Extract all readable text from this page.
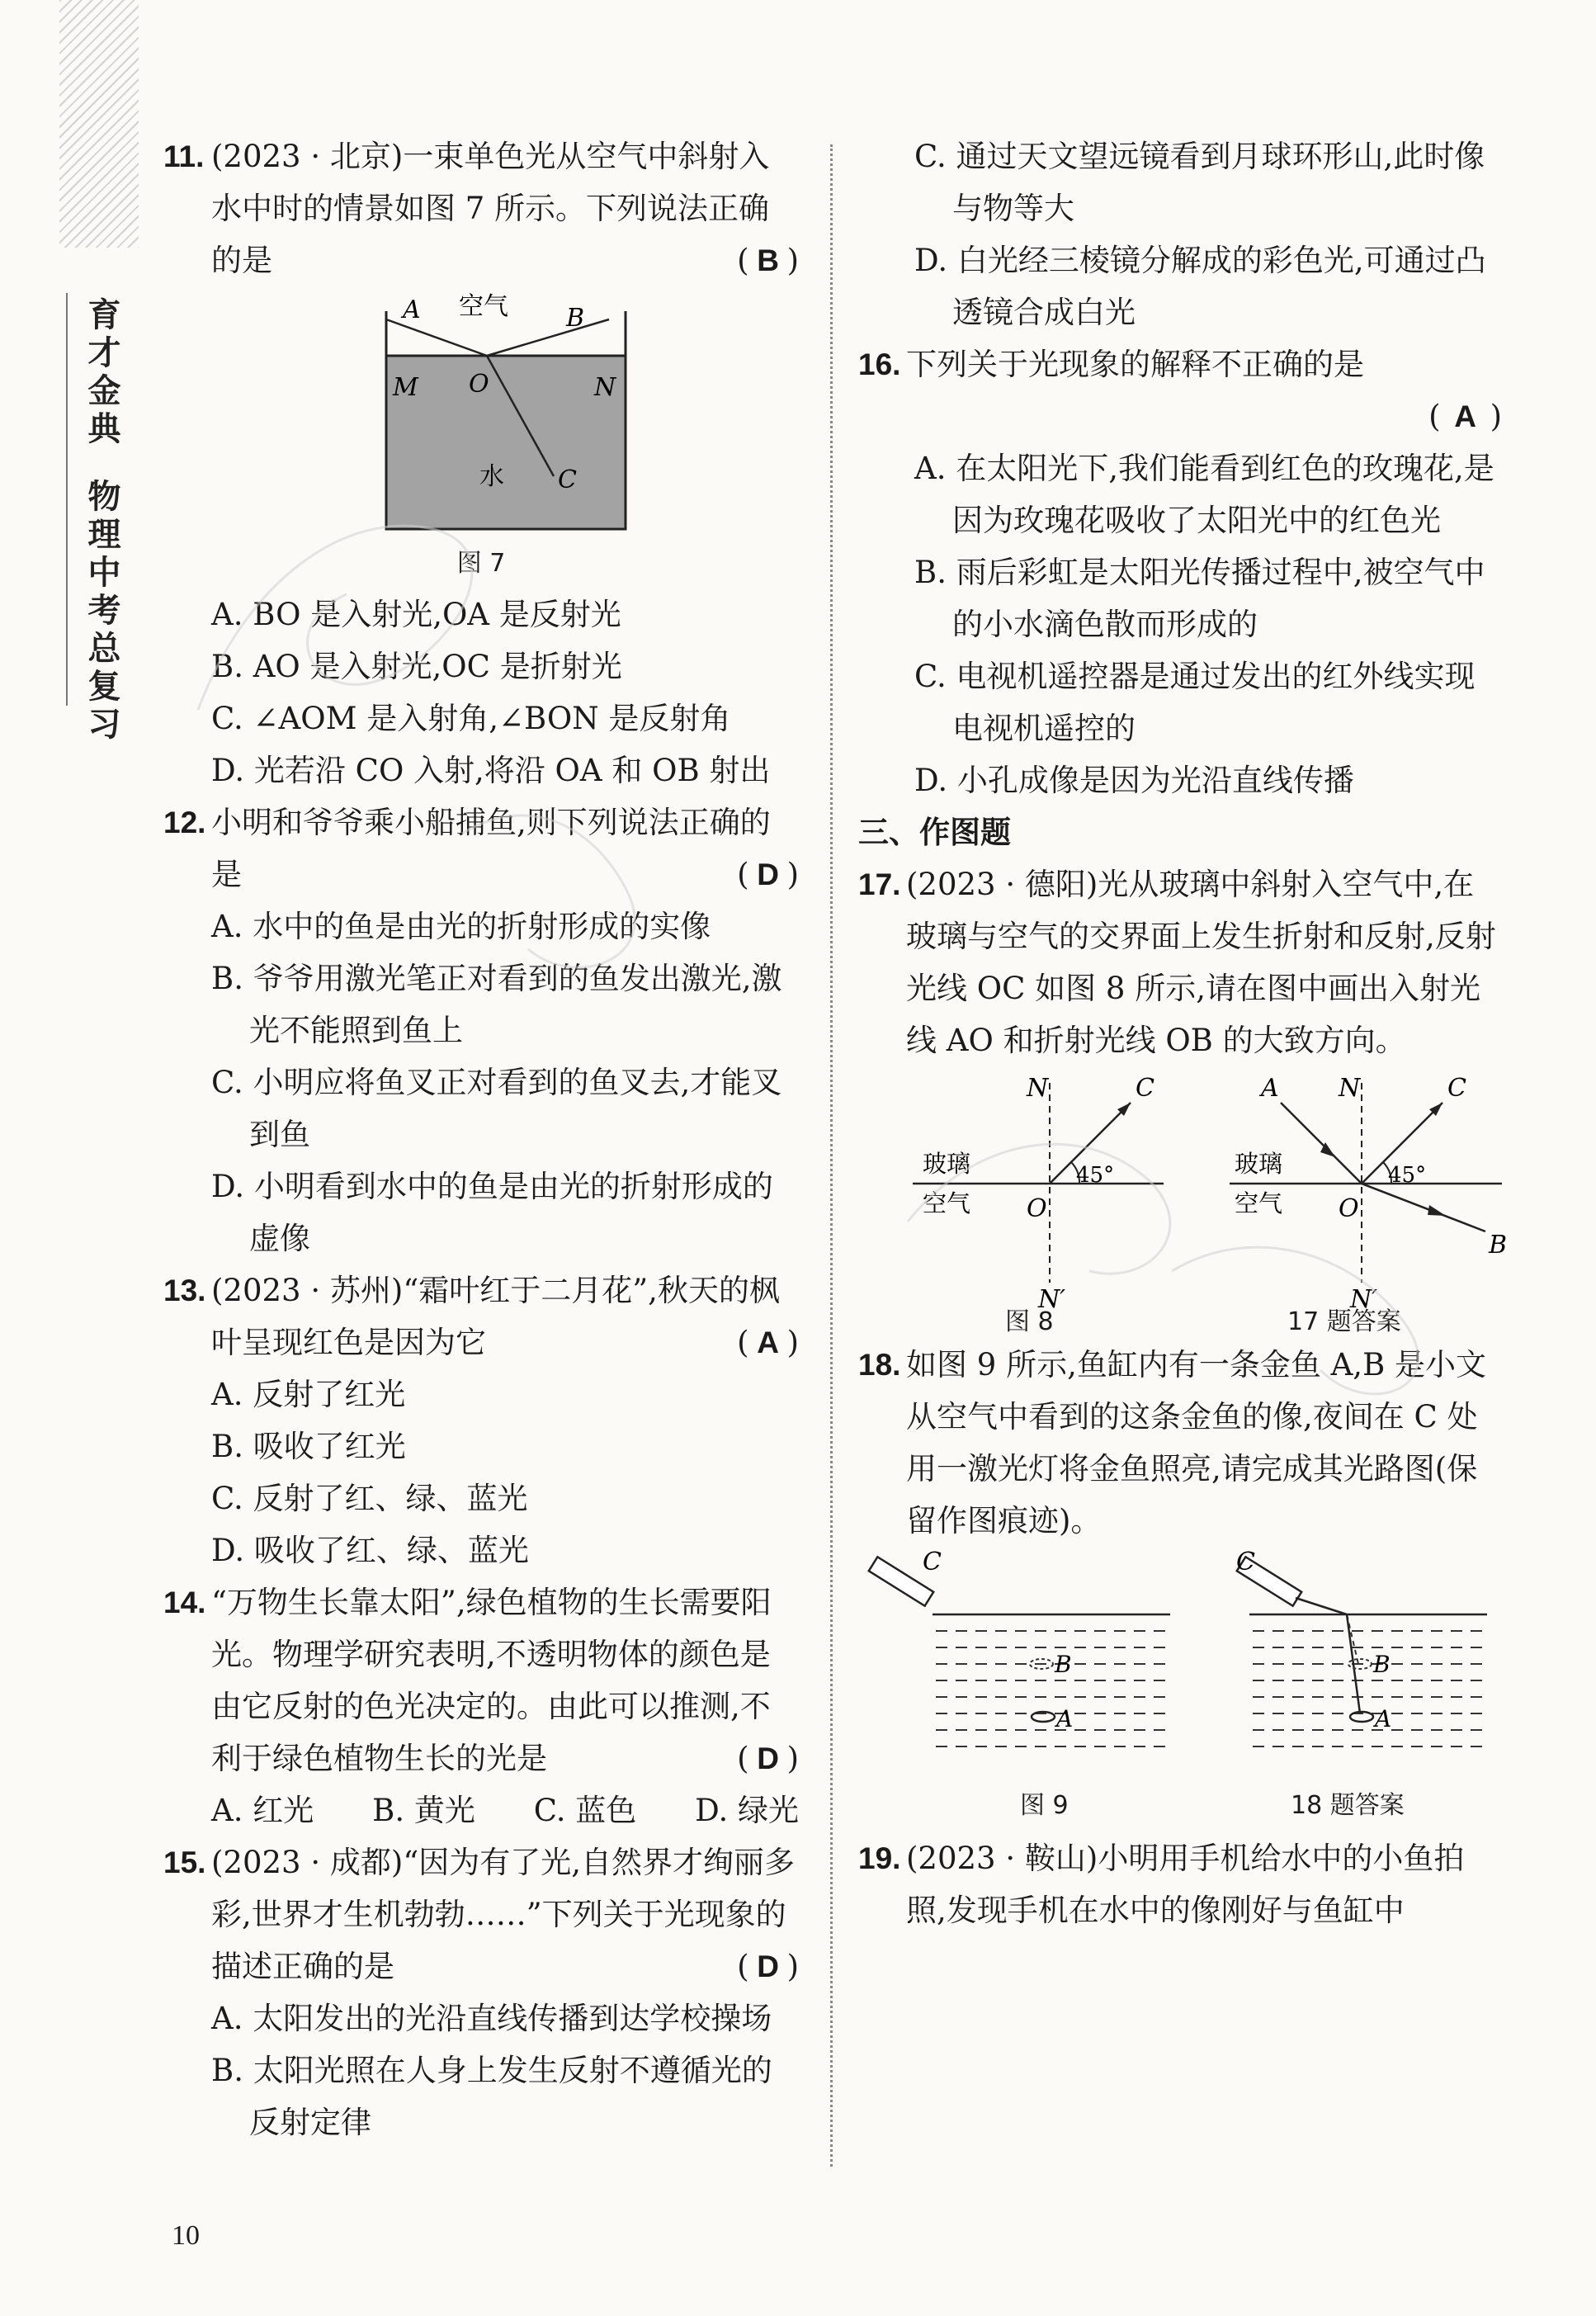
育才金典
物理中考总复习
11. (2023 · 北京)一束单色光从空气中斜射入水中时的情景如图 7 所示。下列说法正确的是	( B )
A 空气 B
M O	N
水 C
图 7
A. BO 是入射光,OA 是反射光
B. AO 是入射光,OC 是折射光
C. ∠AOM 是入射角,∠BON 是反射角
D. 光若沿 CO 入射,将沿 OA 和 OB 射出
12. 小明和爷爷乘小船捕鱼,则下列说法正确的是	( D )
A. 水中的鱼是由光的折射形成的实像
B. 爷爷用激光笔正对看到的鱼发出激光,激光不能照到鱼上
C. 小明应将鱼叉正对看到的鱼叉去,才能叉到鱼
D. 小明看到水中的鱼是由光的折射形成的虚像
13. (2023 · 苏州)“霜叶红于二月花”,秋天的枫叶呈现红色是因为它	( A )
A. 反射了红光
B. 吸收了红光
C. 反射了红、绿、蓝光
D. 吸收了红、绿、蓝光
14. “万物生长靠太阳”,绿色植物的生长需要阳光。物理学研究表明,不透明物体的颜色是由它反射的色光决定的。由此可以推测,不利于绿色植物生长的光是	( D )
A. 红光 B. 黄光 C. 蓝色 D. 绿光
15. (2023 · 成都)“因为有了光,自然界才绚丽多彩,世界才生机勃勃……”下列关于光现象的描述正确的是	( D )
A. 太阳发出的光沿直线传播到达学校操场
B. 太阳光照在人身上发生反射不遵循光的反射定律
C. 通过天文望远镜看到月球环形山,此时像与物等大
D. 白光经三棱镜分解成的彩色光,可通过凸透镜合成白光
16. 下列关于光现象的解释不正确的是
( A )
A. 在太阳光下,我们能看到红色的玫瑰花,是因为玫瑰花吸收了太阳光中的红色光
B. 雨后彩虹是太阳光传播过程中,被空气中的小水滴色散而形成的
C. 电视机遥控器是通过发出的红外线实现电视机遥控的
D. 小孔成像是因为光沿直线传播
三、作图题
17. (2023 · 德阳)光从玻璃中斜射入空气中,在玻璃与空气的交界面上发生折射和反射,反射光线 OC 如图 8 所示,请在图中画出入射光线 AO 和折射光线 OB 的大致方向。
N	C
玻璃
空气 O
45°
N′
A N	C
玻璃
空气 O
45°
B
N′
图 8	17 题答案
18. 如图 9 所示,鱼缸内有一条金鱼 A,B 是小文从空气中看到的这条金鱼的像,夜间在 C 处用一激光灯将金鱼照亮,请完成其光路图(保留作图痕迹)。
C
B
A
C
B
A
图 9	18 题答案
19. (2023 · 鞍山)小明用手机给水中的小鱼拍照,发现手机在水中的像刚好与鱼缸中
10
